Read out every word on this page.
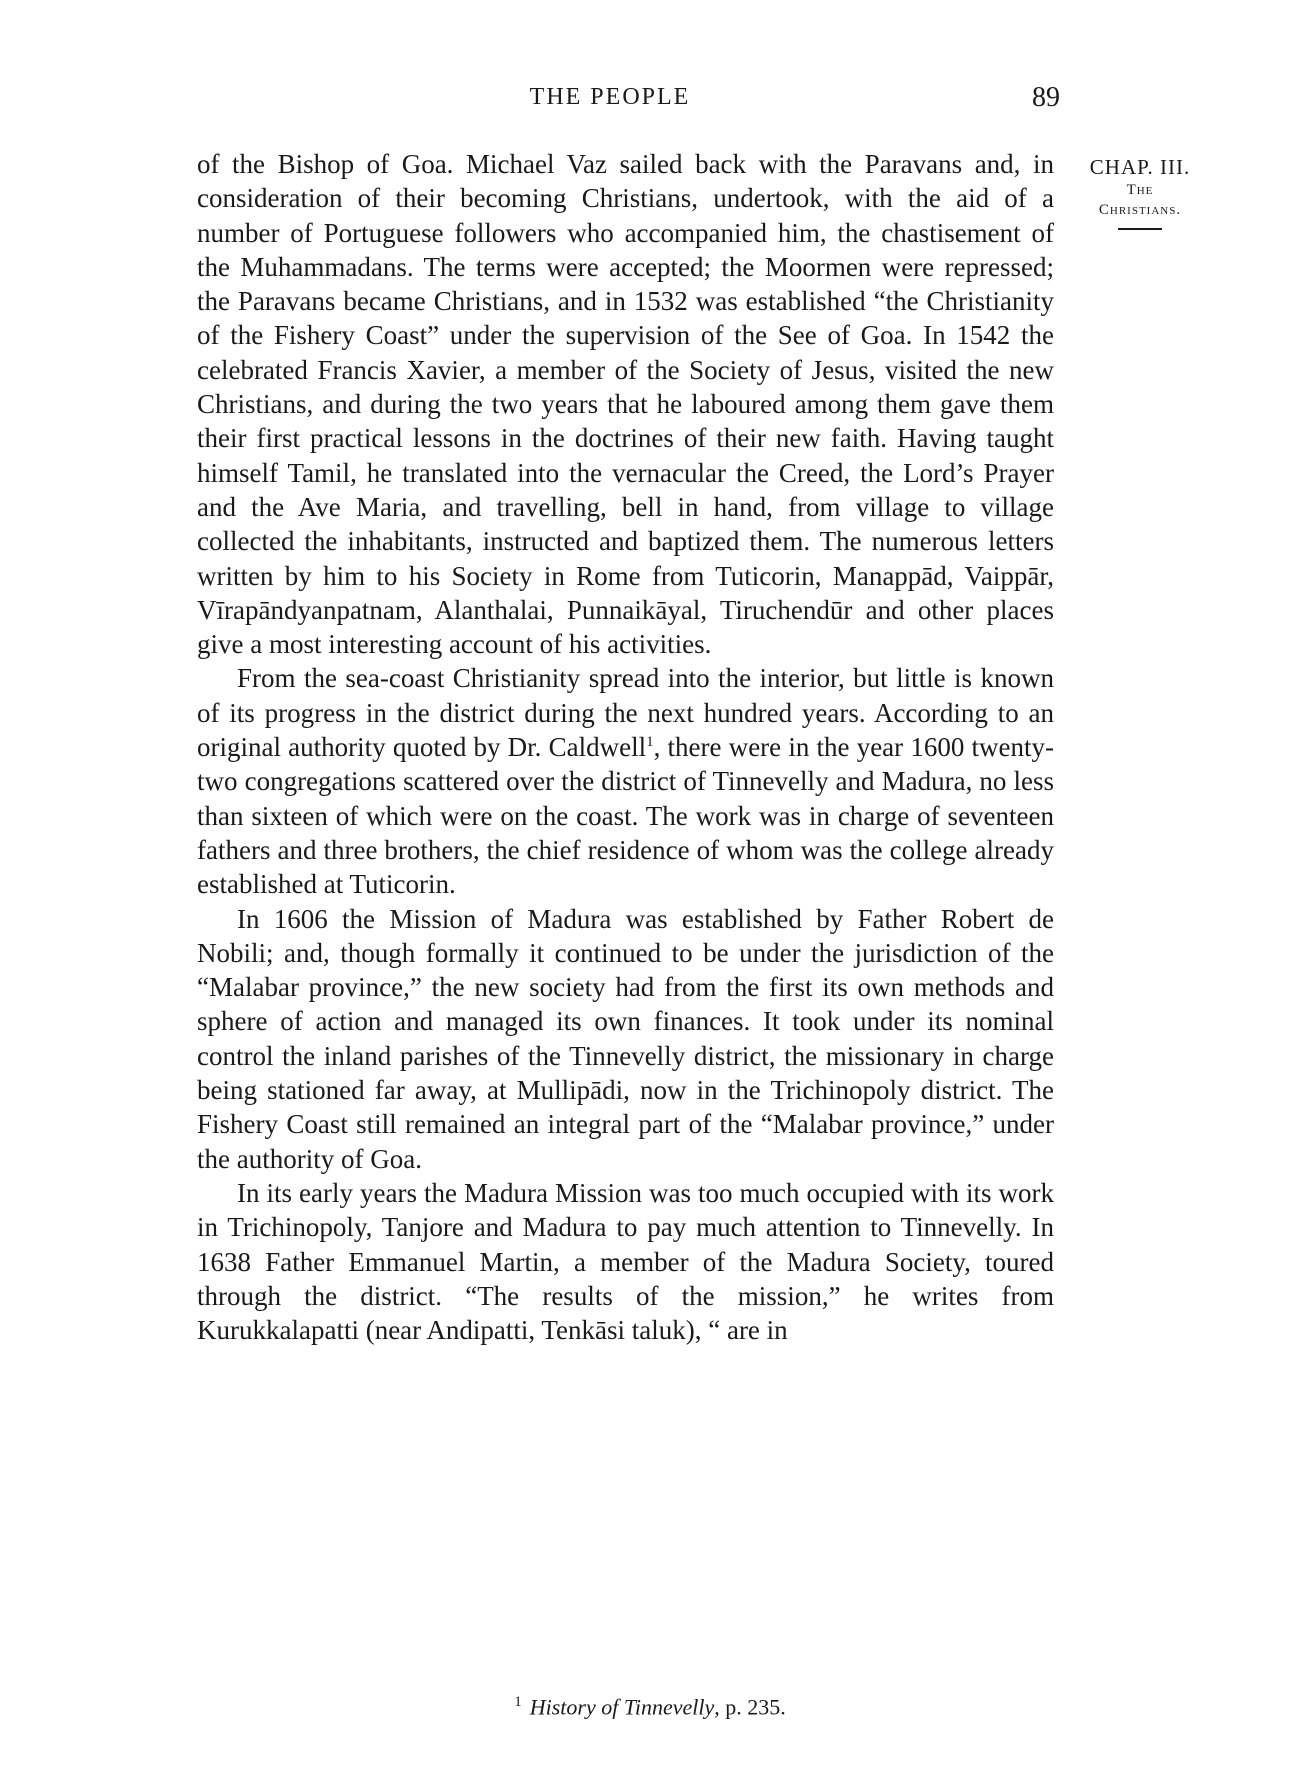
THE PEOPLE	89
CHAP. III.
The
Christians.

of the Bishop of Goa. Michael Vaz sailed back with the Paravans and, in consideration of their becoming Christians, undertook, with the aid of a number of Portuguese followers who accompanied him, the chastisement of the Muhammadans. The terms were accepted; the Moormen were repressed; the Paravans became Christians, and in 1532 was established “the Christianity of the Fishery Coast” under the supervision of the See of Goa. In 1542 the celebrated Francis Xavier, a member of the Society of Jesus, visited the new Christians, and during the two years that he laboured among them gave them their first practical lessons in the doctrines of their new faith. Having taught himself Tamil, he translated into the vernacular the Creed, the Lord’s Prayer and the Ave Maria, and travelling, bell in hand, from village to village collected the inhabitants, instructed and baptized them. The numerous letters written by him to his Society in Rome from Tuticorin, Manappād, Vaippār, Vīrapāndyanpatnam, Alanthalai, Punnaikāyal, Tiruchendūr and other places give a most interesting account of his activities.

From the sea-coast Christianity spread into the interior, but little is known of its progress in the district during the next hundred years. According to an original authority quoted by Dr. Caldwell$^1$, there were in the year 1600 twenty-two congregations scattered over the district of Tinnevelly and Madura, no less than sixteen of which were on the coast. The work was in charge of seventeen fathers and three brothers, the chief residence of whom was the college already established at Tuticorin.

In 1606 the Mission of Madura was established by Father Robert de Nobili; and, though formally it continued to be under the jurisdiction of the “Malabar province,” the new society had from the first its own methods and sphere of action and managed its own finances. It took under its nominal control the inland parishes of the Tinnevelly district, the missionary in charge being stationed far away, at Mullipādi, now in the Trichinopoly district. The Fishery Coast still remained an integral part of the “Malabar province,” under the authority of Goa.

In its early years the Madura Mission was too much occupied with its work in Trichinopoly, Tanjore and Madura to pay much attention to Tinnevelly. In 1638 Father Emmanuel Martin, a member of the Madura Society, toured through the district. “The results of the mission,” he writes from Kurukkalapatti (near Andipatti, Tenkāsi taluk), “ are in

$^1$ History of Tinnevelly, p. 235.
